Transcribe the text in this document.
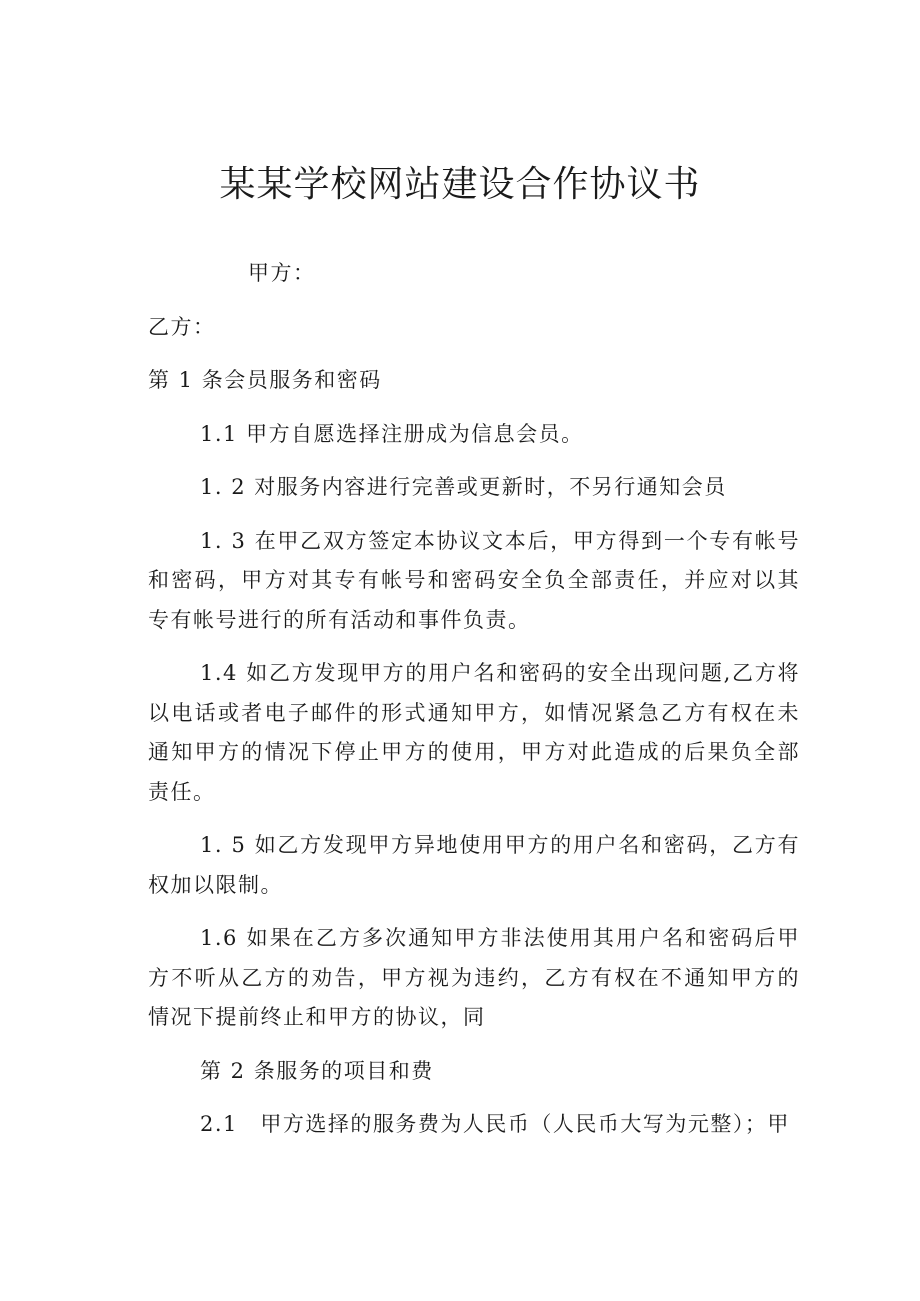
某某学校网站建设合作协议书

甲方：

乙方：

第 1 条会员服务和密码

1.1 甲方自愿选择注册成为信息会员。

1. 2 对服务内容进行完善或更新时，不另行通知会员

1. 3 在甲乙双方签定本协议文本后，甲方得到一个专有帐号和密码，甲方对其专有帐号和密码安全负全部责任，并应对以其专有帐号进行的所有活动和事件负责。

1.4 如乙方发现甲方的用户名和密码的安全出现问题,乙方将以电话或者电子邮件的形式通知甲方，如情况紧急乙方有权在未通知甲方的情况下停止甲方的使用，甲方对此造成的后果负全部责任。

1. 5 如乙方发现甲方异地使用甲方的用户名和密码，乙方有权加以限制。

1.6 如果在乙方多次通知甲方非法使用其用户名和密码后甲方不听从乙方的劝告，甲方视为违约，乙方有权在不通知甲方的情况下提前终止和甲方的协议，同

第 2 条服务的项目和费

2.1　甲方选择的服务费为人民币（人民币大写为元整）；甲
